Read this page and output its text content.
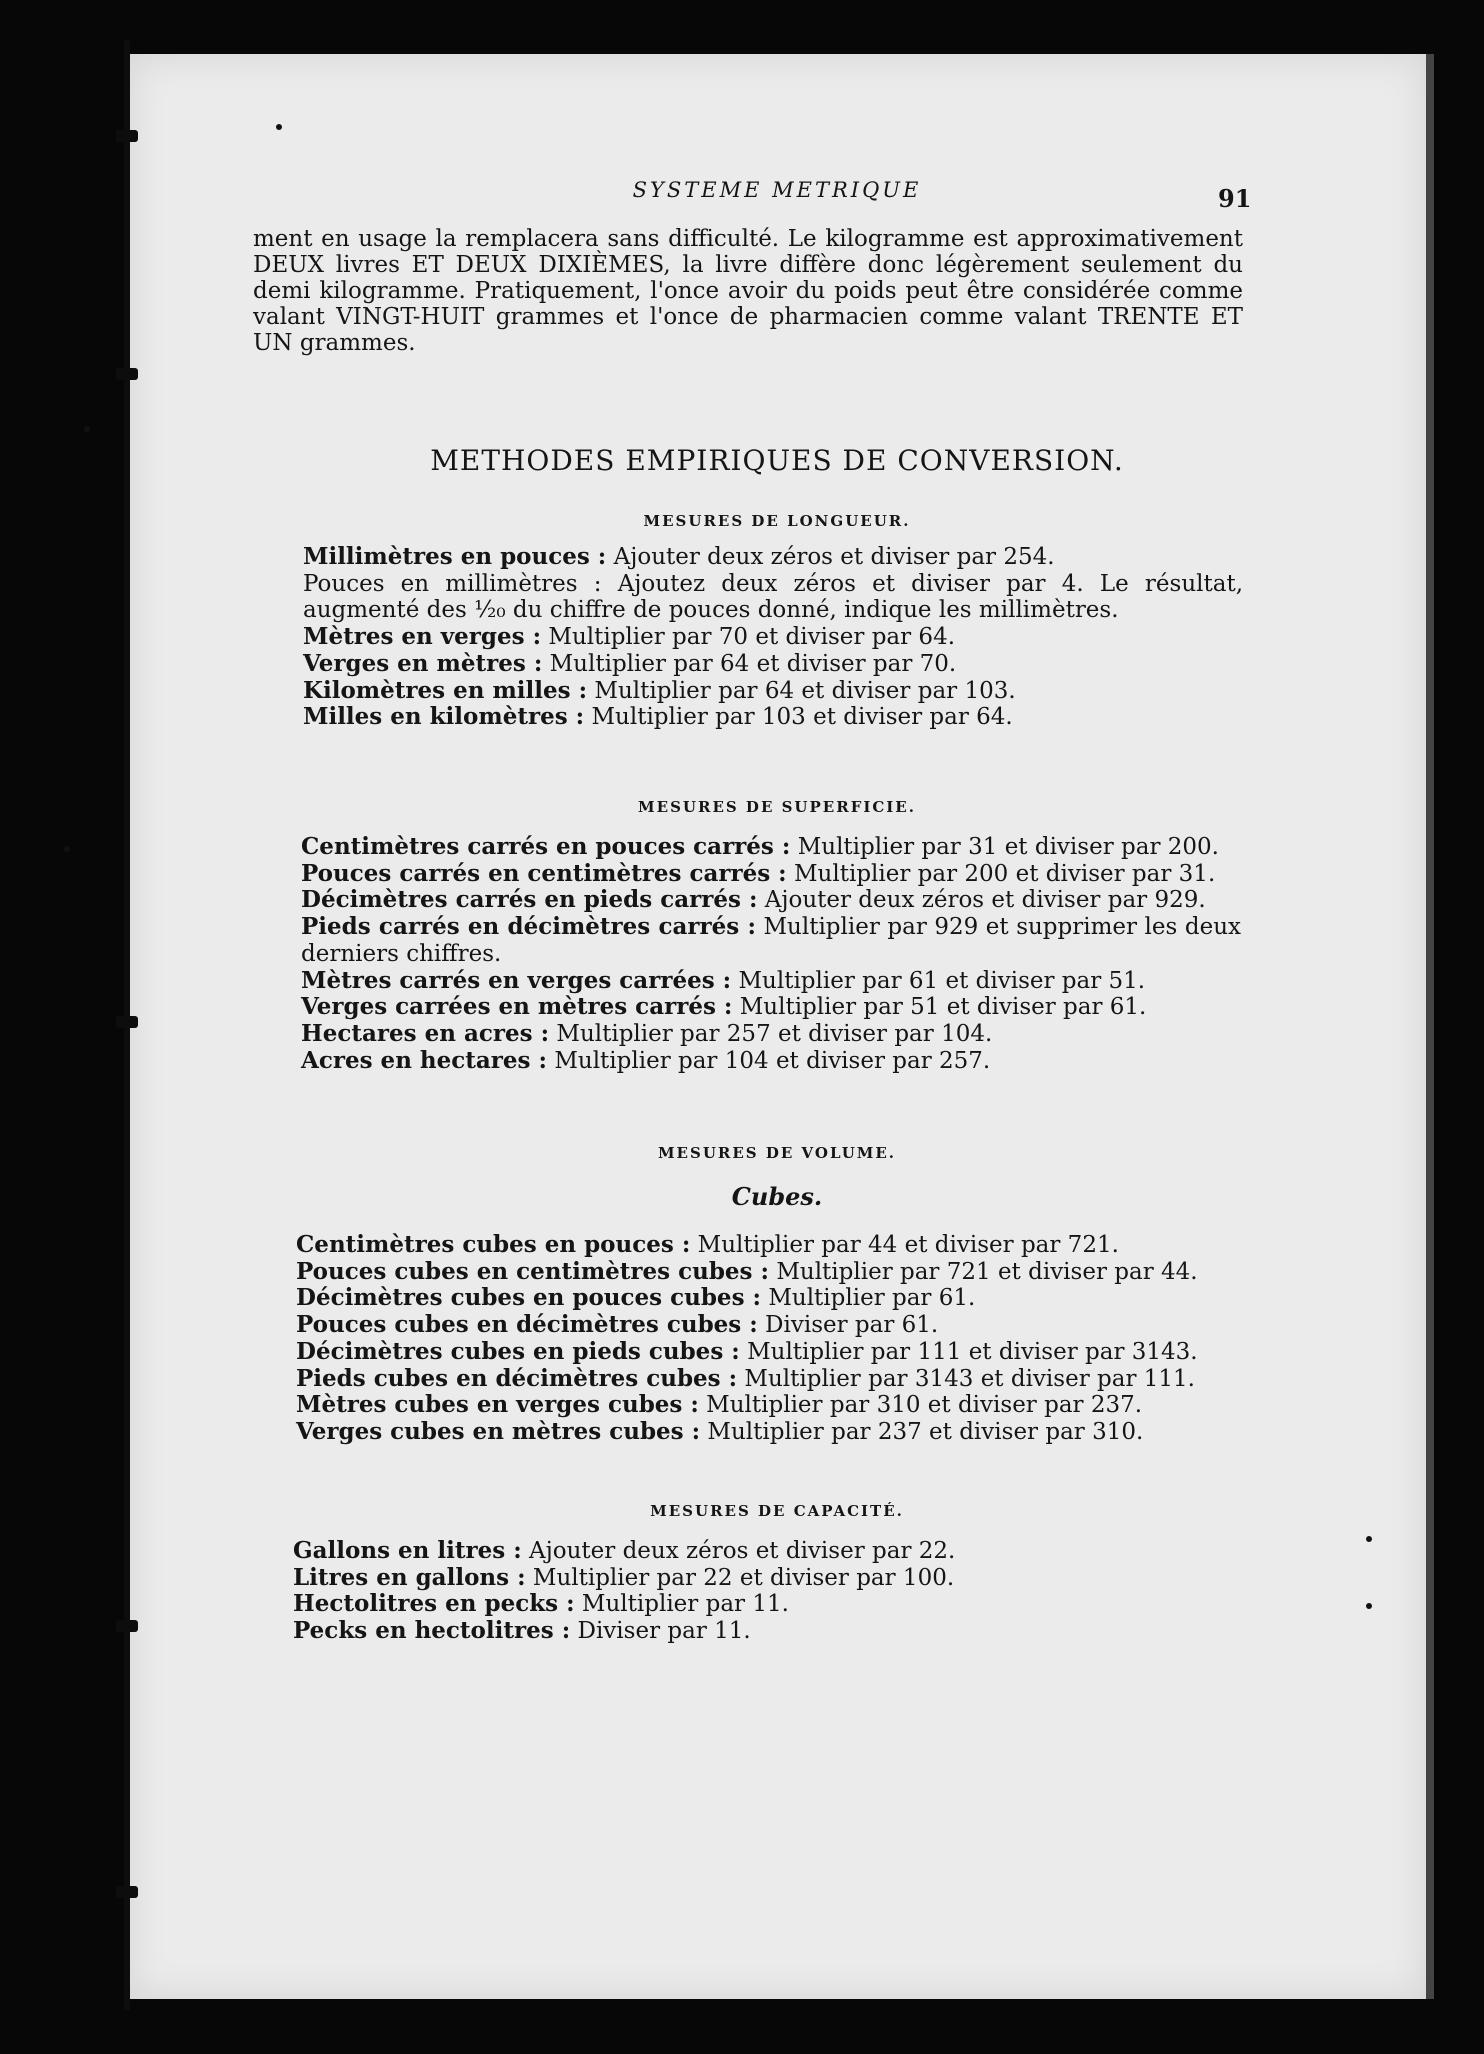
SYSTEME METRIQUE	91

ment en usage la remplacera sans difficulté. Le kilogramme est approximativement DEUX livres ET DEUX DIXIÈMES, la livre diffère donc légèrement seulement du demi kilogramme. Pratiquement, l'once avoir du poids peut être considérée comme valant VINGT-HUIT grammes et l'once de pharmacien comme valant TRENTE ET UN grammes.

METHODES EMPIRIQUES DE CONVERSION.
MESURES DE LONGUEUR.
Millimètres en pouces : Ajouter deux zéros et diviser par 254.
Pouces en millimètres : Ajoutez deux zéros et diviser par 4. Le résultat, augmenté des ⅟₂₀ du chiffre de pouces donné, indique les millimètres.
Mètres en verges : Multiplier par 70 et diviser par 64.
Verges en mètres : Multiplier par 64 et diviser par 70.
Kilomètres en milles : Multiplier par 64 et diviser par 103.
Milles en kilomètres : Multiplier par 103 et diviser par 64.
MESURES DE SUPERFICIE.
Centimètres carrés en pouces carrés : Multiplier par 31 et diviser par 200.
Pouces carrés en centimètres carrés : Multiplier par 200 et diviser par 31.
Décimètres carrés en pieds carrés : Ajouter deux zéros et diviser par 929.
Pieds carrés en décimètres carrés : Multiplier par 929 et supprimer les deux derniers chiffres.
Mètres carrés en verges carrées : Multiplier par 61 et diviser par 51.
Verges carrées en mètres carrés : Multiplier par 51 et diviser par 61.
Hectares en acres : Multiplier par 257 et diviser par 104.
Acres en hectares : Multiplier par 104 et diviser par 257.
MESURES DE VOLUME.
Cubes.
Centimètres cubes en pouces : Multiplier par 44 et diviser par 721.
Pouces cubes en centimètres cubes : Multiplier par 721 et diviser par 44.
Décimètres cubes en pouces cubes : Multiplier par 61.
Pouces cubes en décimètres cubes : Diviser par 61.
Décimètres cubes en pieds cubes : Multiplier par 111 et diviser par 3143.
Pieds cubes en décimètres cubes : Multiplier par 3143 et diviser par 111.
Mètres cubes en verges cubes : Multiplier par 310 et diviser par 237.
Verges cubes en mètres cubes : Multiplier par 237 et diviser par 310.
MESURES DE CAPACITÉ.
Gallons en litres : Ajouter deux zéros et diviser par 22.
Litres en gallons : Multiplier par 22 et diviser par 100.
Hectolitres en pecks : Multiplier par 11.
Pecks en hectolitres : Diviser par 11.
